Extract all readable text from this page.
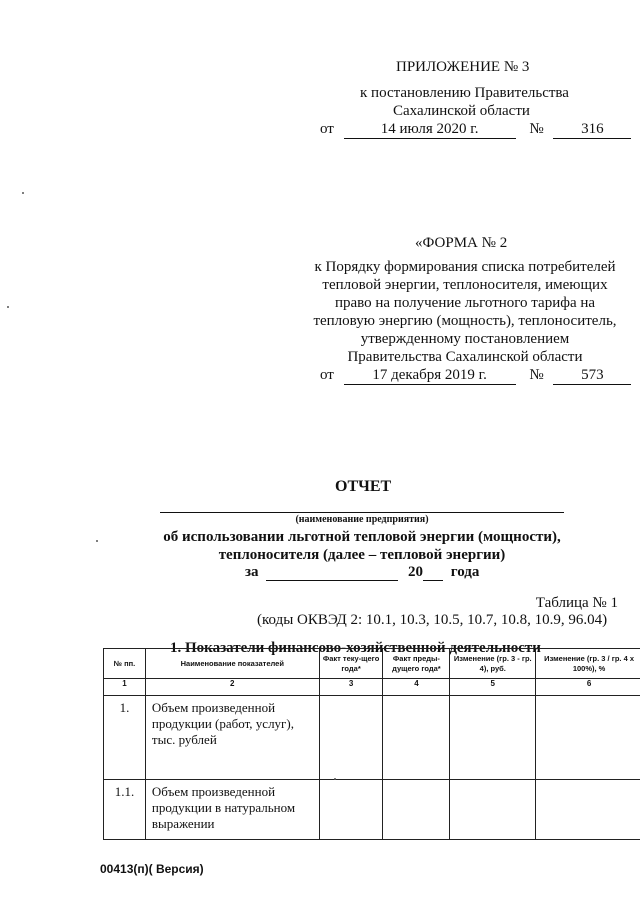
ПРИЛОЖЕНИЕ № 3
к постановлению Правительства
Сахалинской области
от	14 июля 2020 г.	№	316
«ФОРМА № 2
к Порядку формирования списка потребителей
тепловой энергии, теплоносителя, имеющих
право на получение льготного тарифа на
тепловую энергию (мощность), теплоноситель,
утвержденному постановлением
Правительства Сахалинской области
от	17 декабря 2019 г.	№	573
ОТЧЕТ
(наименование предприятия)
об использовании льготной тепловой энергии (мощности),
теплоносителя (далее – тепловой энергии)
за	20 года
Таблица № 1
(коды ОКВЭД 2: 10.1, 10.3, 10.5, 10.7, 10.8, 10.9, 96.04)
1. Показатели финансово-хозяйственной деятельности
№ пп.	Наименование показателей	Факт теку-щего года*	Факт преды-дущего года*	Изменение (гр. 3 - гр. 4), руб.	Изменение (гр. 3 / гр. 4 х 100%), %
1	2	3	4	5	6
1.	Объем произведенной продукции (работ, услуг), тыс. рублей				
1.1.	Объем произведенной продукции в натуральном выражении				
00413(п)( Версия)
